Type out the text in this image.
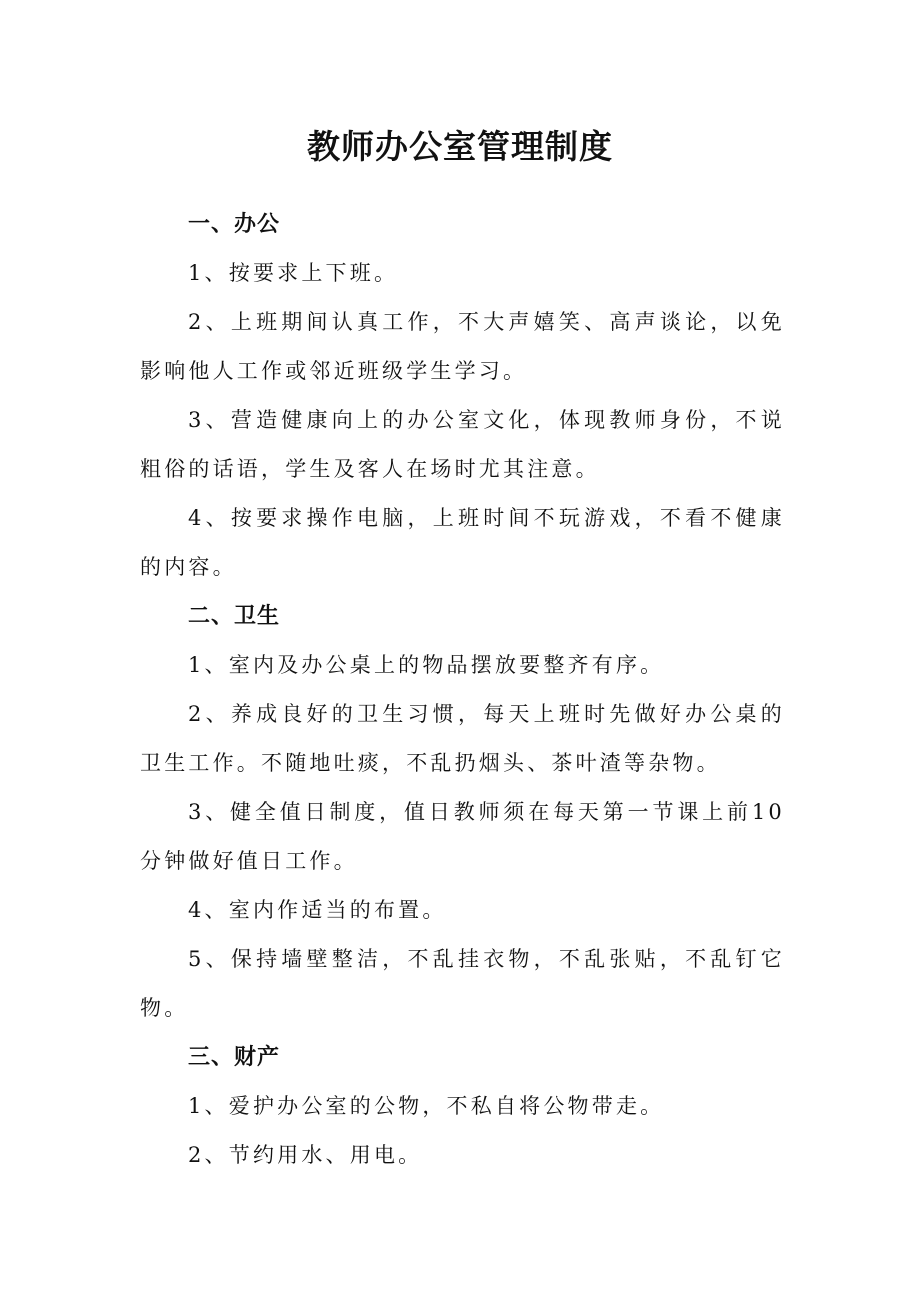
教师办公室管理制度
一、办公

1、按要求上下班。

2、上班期间认真工作，不大声嬉笑、高声谈论，以免影响他人工作或邻近班级学生学习。

3、营造健康向上的办公室文化，体现教师身份，不说粗俗的话语，学生及客人在场时尤其注意。

4、按要求操作电脑，上班时间不玩游戏，不看不健康的内容。

二、卫生

1、室内及办公桌上的物品摆放要整齐有序。

2、养成良好的卫生习惯，每天上班时先做好办公桌的卫生工作。不随地吐痰，不乱扔烟头、茶叶渣等杂物。

3、健全值日制度，值日教师须在每天第一节课上前10分钟做好值日工作。

4、室内作适当的布置。

5、保持墙壁整洁，不乱挂衣物，不乱张贴，不乱钉它物。

三、财产

1、爱护办公室的公物，不私自将公物带走。

2、节约用水、用电。
